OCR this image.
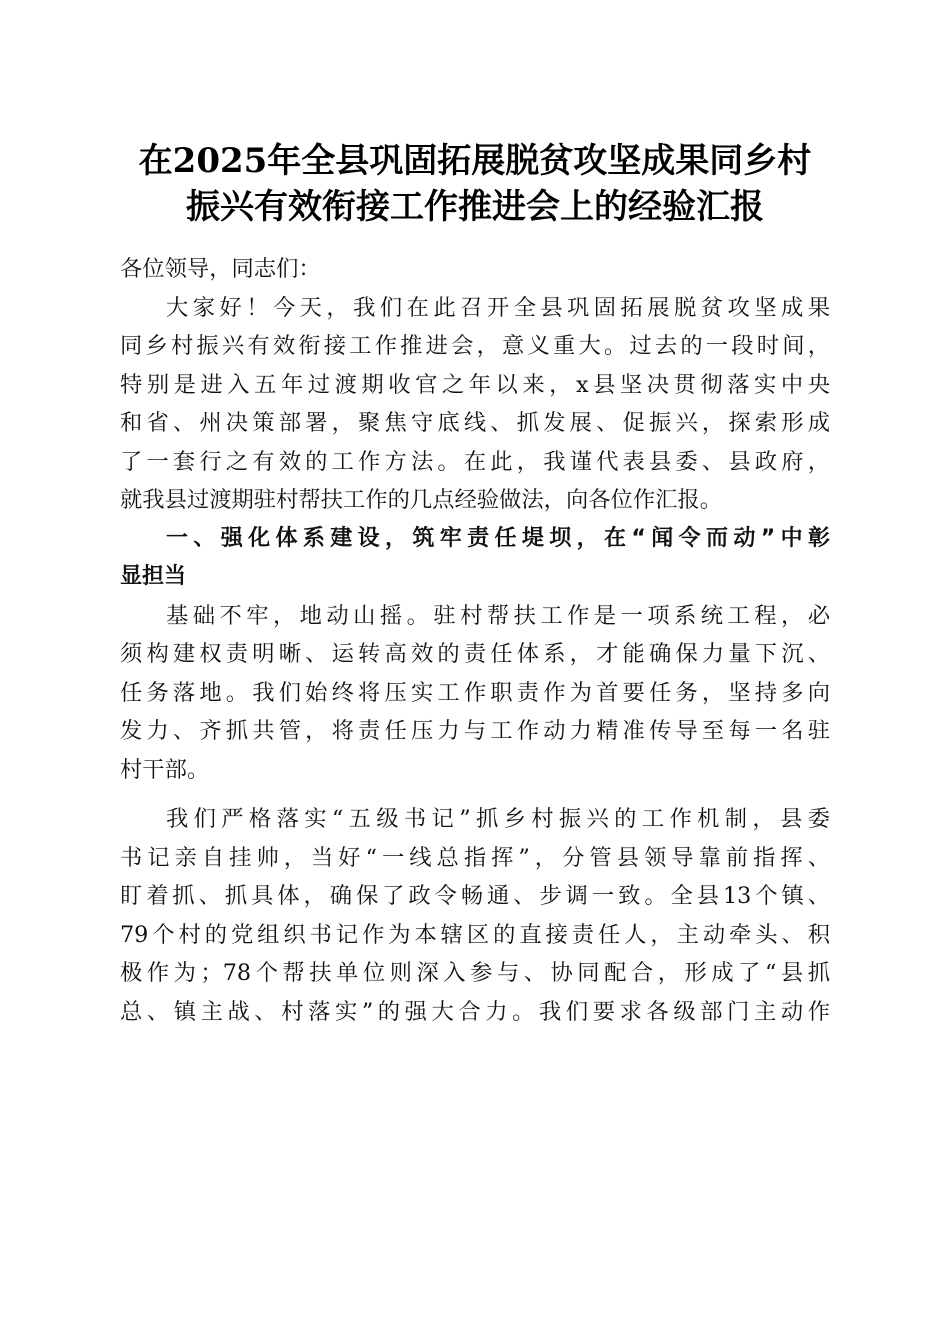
在2025年全县巩固拓展脱贫攻坚成果同乡村
振兴有效衔接工作推进会上的经验汇报
各位领导，同志们：
大家好！今天，我们在此召开全县巩固拓展脱贫攻坚成果
同乡村振兴有效衔接工作推进会，意义重大。过去的一段时间，
特别是进入五年过渡期收官之年以来，x县坚决贯彻落实中央
和省、州决策部署，聚焦守底线、抓发展、促振兴，探索形成
了一套行之有效的工作方法。在此，我谨代表县委、县政府，
就我县过渡期驻村帮扶工作的几点经验做法，向各位作汇报。
一、强化体系建设，筑牢责任堤坝，在“闻令而动”中彰
显担当
基础不牢，地动山摇。驻村帮扶工作是一项系统工程，必
须构建权责明晰、运转高效的责任体系，才能确保力量下沉、
任务落地。我们始终将压实工作职责作为首要任务，坚持多向
发力、齐抓共管，将责任压力与工作动力精准传导至每一名驻
村干部。
我们严格落实“五级书记”抓乡村振兴的工作机制，县委
书记亲自挂帅，当好“一线总指挥”，分管县领导靠前指挥、
盯着抓、抓具体，确保了政令畅通、步调一致。全县13个镇、
79个村的党组织书记作为本辖区的直接责任人，主动牵头、积
极作为；78个帮扶单位则深入参与、协同配合，形成了“县抓
总、镇主战、村落实”的强大合力。我们要求各级部门主动作
